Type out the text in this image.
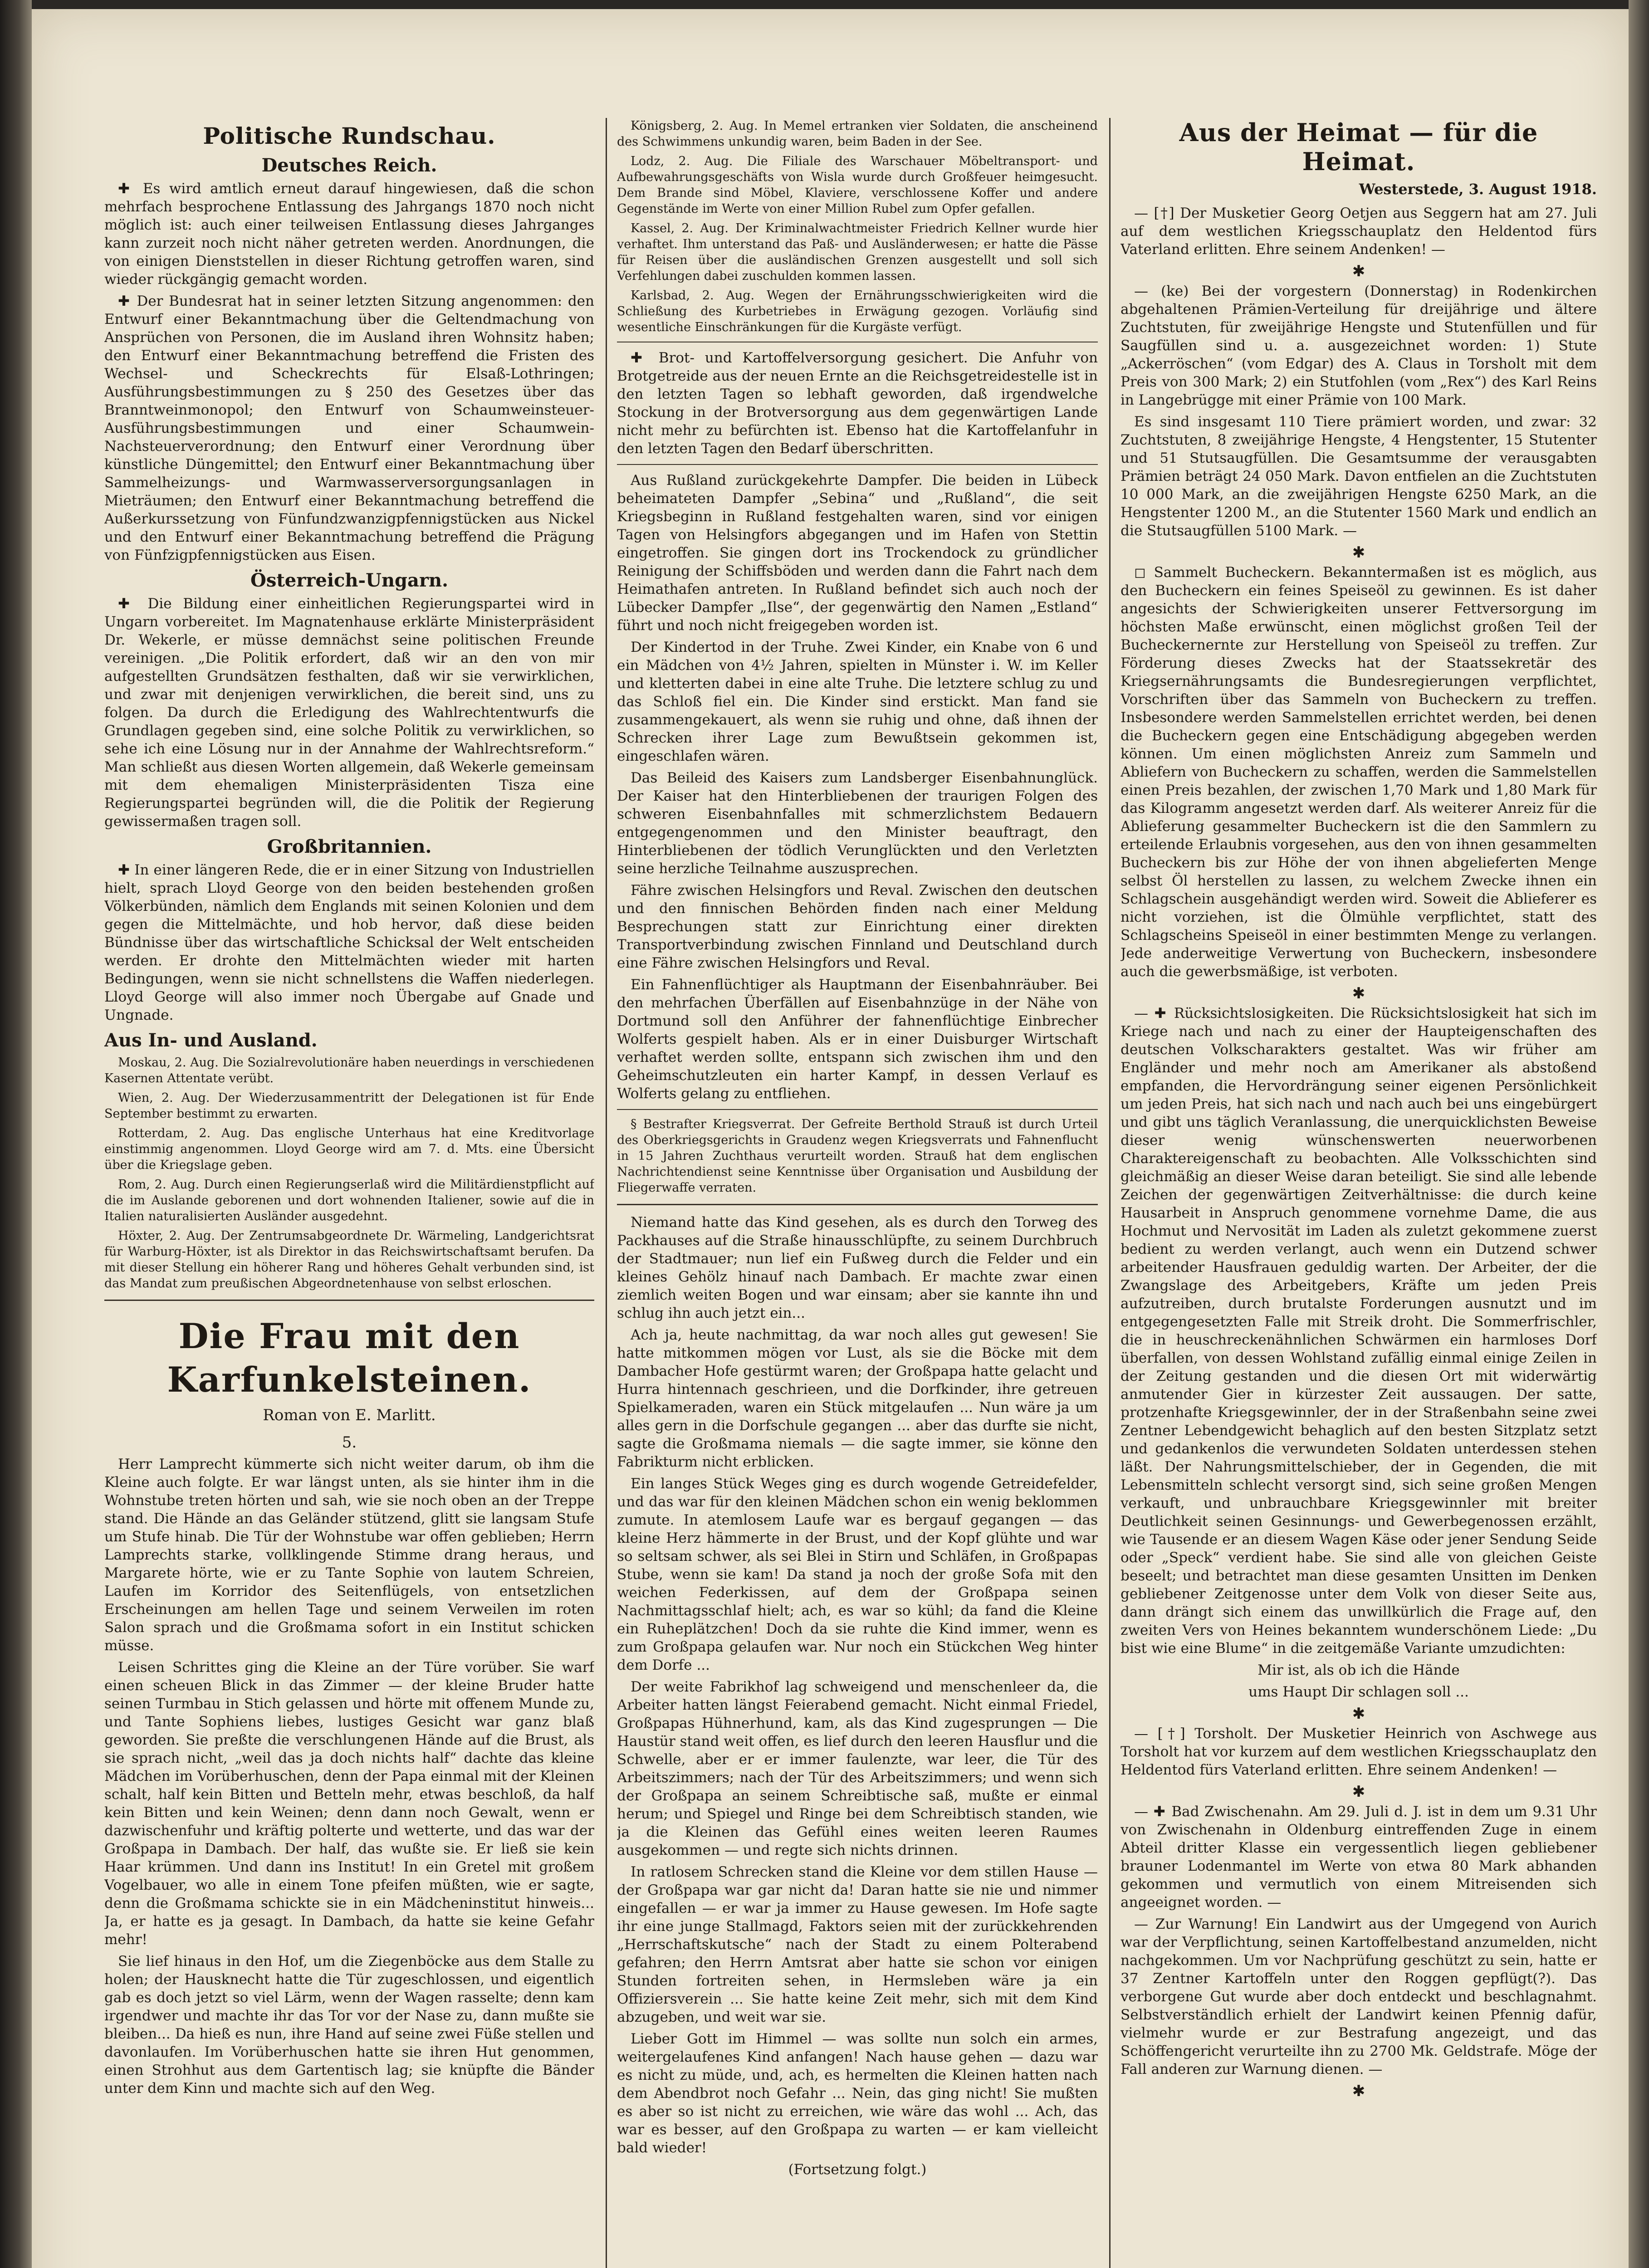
Politische Rundschau.
Deutsches Reich.

✚ Es wird amtlich erneut darauf hingewiesen, daß die schon mehrfach besprochene Entlassung des Jahrgangs 1870 noch nicht möglich ist: auch einer teilweisen Entlassung dieses Jahrganges kann zurzeit noch nicht näher getreten werden. Anordnungen, die von einigen Dienststellen in dieser Richtung getroffen waren, sind wieder rückgängig gemacht worden.

✚ Der Bundesrat hat in seiner letzten Sitzung angenommen: den Entwurf einer Bekanntmachung über die Geltendmachung von Ansprüchen von Personen, die im Ausland ihren Wohnsitz haben; den Entwurf einer Bekanntmachung betreffend die Fristen des Wechsel- und Scheckrechts für Elsaß-Lothringen; Ausführungsbestimmungen zu § 250 des Gesetzes über das Branntweinmonopol; den Entwurf von Schaumweinsteuer-Ausführungsbestimmungen und einer Schaumwein-Nachsteuerverordnung; den Entwurf einer Verordnung über künstliche Düngemittel; den Entwurf einer Bekanntmachung über Sammelheizungs- und Warmwasserversorgungsanlagen in Mieträumen; den Entwurf einer Bekanntmachung betreffend die Außerkurssetzung von Fünfundzwanzigpfennigstücken aus Nickel und den Entwurf einer Bekanntmachung betreffend die Prägung von Fünfzigpfennigstücken aus Eisen.

Österreich-Ungarn.

✚ Die Bildung einer einheitlichen Regierungspartei wird in Ungarn vorbereitet. Im Magnatenhause erklärte Ministerpräsident Dr. Wekerle, er müsse demnächst seine politischen Freunde vereinigen. „Die Politik erfordert, daß wir an den von mir aufgestellten Grundsätzen festhalten, daß wir sie verwirklichen, und zwar mit denjenigen verwirklichen, die bereit sind, uns zu folgen. Da durch die Erledigung des Wahlrechtentwurfs die Grundlagen gegeben sind, eine solche Politik zu verwirklichen, so sehe ich eine Lösung nur in der Annahme der Wahlrechtsreform.“ Man schließt aus diesen Worten allgemein, daß Wekerle gemeinsam mit dem ehemaligen Ministerpräsidenten Tisza eine Regierungspartei begründen will, die die Politik der Regierung gewissermaßen tragen soll.

Großbritannien.

✚ In einer längeren Rede, die er in einer Sitzung von Industriellen hielt, sprach Lloyd George von den beiden bestehenden großen Völkerbünden, nämlich dem Englands mit seinen Kolonien und dem gegen die Mittelmächte, und hob hervor, daß diese beiden Bündnisse über das wirtschaftliche Schicksal der Welt entscheiden werden. Er drohte den Mittelmächten wieder mit harten Bedingungen, wenn sie nicht schnellstens die Waffen niederlegen. Lloyd George will also immer noch Übergabe auf Gnade und Ungnade.

Aus In- und Ausland.

Moskau, 2. Aug. Die Sozialrevolutionäre haben neuerdings in verschiedenen Kasernen Attentate verübt.

Wien, 2. Aug. Der Wiederzusammentritt der Delegationen ist für Ende September bestimmt zu erwarten.

Rotterdam, 2. Aug. Das englische Unterhaus hat eine Kreditvorlage einstimmig angenommen. Lloyd George wird am 7. d. Mts. eine Übersicht über die Kriegslage geben.

Rom, 2. Aug. Durch einen Regierungserlaß wird die Militärdienstpflicht auf die im Auslande geborenen und dort wohnenden Italiener, sowie auf die in Italien naturalisierten Ausländer ausgedehnt.

Höxter, 2. Aug. Der Zentrumsabgeordnete Dr. Wärmeling, Landgerichtsrat für Warburg-Höxter, ist als Direktor in das Reichswirtschaftsamt berufen. Da mit dieser Stellung ein höherer Rang und höheres Gehalt verbunden sind, ist das Mandat zum preußischen Abgeordnetenhause von selbst erloschen.

Die Frau mit den Karfunkelsteinen.
Roman von E. Marlitt.
5.

Herr Lamprecht kümmerte sich nicht weiter darum, ob ihm die Kleine auch folgte. Er war längst unten, als sie hinter ihm in die Wohnstube treten hörten und sah, wie sie noch oben an der Treppe stand. Die Hände an das Geländer stützend, glitt sie langsam Stufe um Stufe hinab. Die Tür der Wohnstube war offen geblieben; Herrn Lamprechts starke, vollklingende Stimme drang heraus, und Margarete hörte, wie er zu Tante Sophie von lautem Schreien, Laufen im Korridor des Seitenflügels, von entsetzlichen Erscheinungen am hellen Tage und seinem Verweilen im roten Salon sprach und die Großmama sofort in ein Institut schicken müsse.

Leisen Schrittes ging die Kleine an der Türe vorüber. Sie warf einen scheuen Blick in das Zimmer — der kleine Bruder hatte seinen Turmbau in Stich gelassen und hörte mit offenem Munde zu, und Tante Sophiens liebes, lustiges Gesicht war ganz blaß geworden. Sie preßte die verschlungenen Hände auf die Brust, als sie sprach nicht, „weil das ja doch nichts half“ dachte das kleine Mädchen im Vorüberhuschen, denn der Papa einmal mit der Kleinen schalt, half kein Bitten und Betteln mehr, etwas beschloß, da half kein Bitten und kein Weinen; denn dann noch Gewalt, wenn er dazwischenfuhr und kräftig polterte und wetterte, und das war der Großpapa in Dambach. Der half, das wußte sie. Er ließ sie kein Haar krümmen. Und dann ins Institut! In ein Gretel mit großem Vogelbauer, wo alle in einem Tone pfeifen müßten, wie er sagte, denn die Großmama schickte sie in ein Mädcheninstitut hinweis... Ja, er hatte es ja gesagt. In Dambach, da hatte sie keine Gefahr mehr!

Sie lief hinaus in den Hof, um die Ziegenböcke aus dem Stalle zu holen; der Hausknecht hatte die Tür zugeschlossen, und eigentlich gab es doch jetzt so viel Lärm, wenn der Wagen rasselte; denn kam irgendwer und machte ihr das Tor vor der Nase zu, dann mußte sie bleiben... Da hieß es nun, ihre Hand auf seine zwei Füße stellen und davonlaufen. Im Vorüberhuschen hatte sie ihren Hut genommen, einen Strohhut aus dem Gartentisch lag; sie knüpfte die Bänder unter dem Kinn und machte sich auf den Weg.

Königsberg, 2. Aug. In Memel ertranken vier Soldaten, die anscheinend des Schwimmens unkundig waren, beim Baden in der See.

Lodz, 2. Aug. Die Filiale des Warschauer Möbeltransport- und Aufbewahrungsgeschäfts von Wisla wurde durch Großfeuer heimgesucht. Dem Brande sind Möbel, Klaviere, verschlossene Koffer und andere Gegenstände im Werte von einer Million Rubel zum Opfer gefallen.

Kassel, 2. Aug. Der Kriminalwachtmeister Friedrich Kellner wurde hier verhaftet. Ihm unterstand das Paß- und Ausländerwesen; er hatte die Pässe für Reisen über die ausländischen Grenzen ausgestellt und soll sich Verfehlungen dabei zuschulden kommen lassen.

Karlsbad, 2. Aug. Wegen der Ernährungsschwierigkeiten wird die Schließung des Kurbetriebes in Erwägung gezogen. Vorläufig sind wesentliche Einschränkungen für die Kurgäste verfügt.

✚ Brot- und Kartoffelversorgung gesichert. Die Anfuhr von Brotgetreide aus der neuen Ernte an die Reichsgetreidestelle ist in den letzten Tagen so lebhaft geworden, daß irgendwelche Stockung in der Brotversorgung aus dem gegenwärtigen Lande nicht mehr zu befürchten ist. Ebenso hat die Kartoffelanfuhr in den letzten Tagen den Bedarf überschritten.

Aus Rußland zurückgekehrte Dampfer. Die beiden in Lübeck beheimateten Dampfer „Sebina“ und „Rußland“, die seit Kriegsbeginn in Rußland festgehalten waren, sind vor einigen Tagen von Helsingfors abgegangen und im Hafen von Stettin eingetroffen. Sie gingen dort ins Trockendock zu gründlicher Reinigung der Schiffsböden und werden dann die Fahrt nach dem Heimathafen antreten. In Rußland befindet sich auch noch der Lübecker Dampfer „Ilse“, der gegenwärtig den Namen „Estland“ führt und noch nicht freigegeben worden ist.

Der Kindertod in der Truhe. Zwei Kinder, ein Knabe von 6 und ein Mädchen von 4½ Jahren, spielten in Münster i. W. im Keller und kletterten dabei in eine alte Truhe. Die letztere schlug zu und das Schloß fiel ein. Die Kinder sind erstickt. Man fand sie zusammengekauert, als wenn sie ruhig und ohne, daß ihnen der Schrecken ihrer Lage zum Bewußtsein gekommen ist, eingeschlafen wären.

Das Beileid des Kaisers zum Landsberger Eisenbahnunglück. Der Kaiser hat den Hinterbliebenen der traurigen Folgen des schweren Eisenbahnfalles mit schmerzlichstem Bedauern entgegengenommen und den Minister beauftragt, den Hinterbliebenen der tödlich Verunglückten und den Verletzten seine herzliche Teilnahme auszusprechen.

Fähre zwischen Helsingfors und Reval. Zwischen den deutschen und den finnischen Behörden finden nach einer Meldung Besprechungen statt zur Einrichtung einer direkten Transportverbindung zwischen Finnland und Deutschland durch eine Fähre zwischen Helsingfors und Reval.

Ein Fahnenflüchtiger als Hauptmann der Eisenbahnräuber. Bei den mehrfachen Überfällen auf Eisenbahnzüge in der Nähe von Dortmund soll den Anführer der fahnenflüchtige Einbrecher Wolferts gespielt haben. Als er in einer Duisburger Wirtschaft verhaftet werden sollte, entspann sich zwischen ihm und den Geheimschutzleuten ein harter Kampf, in dessen Verlauf es Wolferts gelang zu entfliehen.

§ Bestrafter Kriegsverrat. Der Gefreite Berthold Strauß ist durch Urteil des Oberkriegsgerichts in Graudenz wegen Kriegsverrats und Fahnenflucht in 15 Jahren Zuchthaus verurteilt worden. Strauß hat dem englischen Nachrichtendienst seine Kenntnisse über Organisation und Ausbildung der Fliegerwaffe verraten.

Niemand hatte das Kind gesehen, als es durch den Torweg des Packhauses auf die Straße hinausschlüpfte, zu seinem Durchbruch der Stadtmauer; nun lief ein Fußweg durch die Felder und ein kleines Gehölz hinauf nach Dambach. Er machte zwar einen ziemlich weiten Bogen und war einsam; aber sie kannte ihn und schlug ihn auch jetzt ein...

Ach ja, heute nachmittag, da war noch alles gut gewesen! Sie hatte mitkommen mögen vor Lust, als sie die Böcke mit dem Dambacher Hofe gestürmt waren; der Großpapa hatte gelacht und Hurra hintennach geschrieen, und die Dorfkinder, ihre getreuen Spielkameraden, waren ein Stück mitgelaufen ... Nun wäre ja um alles gern in die Dorfschule gegangen ... aber das durfte sie nicht, sagte die Großmama niemals — die sagte immer, sie könne den Fabrikturm nicht erblicken.

Ein langes Stück Weges ging es durch wogende Getreidefelder, und das war für den kleinen Mädchen schon ein wenig beklommen zumute. In atemlosem Laufe war es bergauf gegangen — das kleine Herz hämmerte in der Brust, und der Kopf glühte und war so seltsam schwer, als sei Blei in Stirn und Schläfen, in Großpapas Stube, wenn sie kam! Da stand ja noch der große Sofa mit den weichen Federkissen, auf dem der Großpapa seinen Nachmittagsschlaf hielt; ach, es war so kühl; da fand die Kleine ein Ruheplätzchen! Doch da sie ruhte die Kind immer, wenn es zum Großpapa gelaufen war. Nur noch ein Stückchen Weg hinter dem Dorfe ...

Der weite Fabrikhof lag schweigend und menschenleer da, die Arbeiter hatten längst Feierabend gemacht. Nicht einmal Friedel, Großpapas Hühnerhund, kam, als das Kind zugesprungen — Die Haustür stand weit offen, es lief durch den leeren Hausflur und die Schwelle, aber er er immer faulenzte, war leer, die Tür des Arbeitszimmers; nach der Tür des Arbeitszimmers; und wenn sich der Großpapa an seinem Schreibtische saß, mußte er einmal herum; und Spiegel und Ringe bei dem Schreibtisch standen, wie ja die Kleinen das Gefühl eines weiten leeren Raumes ausgekommen — und regte sich nichts drinnen.

In ratlosem Schrecken stand die Kleine vor dem stillen Hause — der Großpapa war gar nicht da! Daran hatte sie nie und nimmer eingefallen — er war ja immer zu Hause gewesen. Im Hofe sagte ihr eine junge Stallmagd, Faktors seien mit der zurückkehrenden „Herrschaftskutsche“ nach der Stadt zu einem Polterabend gefahren; den Herrn Amtsrat aber hatte sie schon vor einigen Stunden fortreiten sehen, in Hermsleben wäre ja ein Offiziersverein ... Sie hatte keine Zeit mehr, sich mit dem Kind abzugeben, und weit war sie.

Lieber Gott im Himmel — was sollte nun solch ein armes, weitergelaufenes Kind anfangen! Nach hause gehen — dazu war es nicht zu müde, und, ach, es hermelten die Kleinen hatten nach dem Abendbrot noch Gefahr ... Nein, das ging nicht! Sie mußten es aber so ist nicht zu erreichen, wie wäre das wohl ... Ach, das war es besser, auf den Großpapa zu warten — er kam vielleicht bald wieder!

(Fortsetzung folgt.)

Aus der Heimat — für die Heimat.
Westerstede, 3. August 1918.

— [†] Der Musketier Georg Oetjen aus Seggern hat am 27. Juli auf dem westlichen Kriegsschauplatz den Heldentod fürs Vaterland erlitten. Ehre seinem Andenken! —

✱

— (ke) Bei der vorgestern (Donnerstag) in Rodenkirchen abgehaltenen Prämien-Verteilung für dreijährige und ältere Zuchtstuten, für zweijährige Hengste und Stutenfüllen und für Saugfüllen sind u. a. ausgezeichnet worden: 1) Stute „Ackerröschen“ (vom Edgar) des A. Claus in Torsholt mit dem Preis von 300 Mark; 2) ein Stutfohlen (vom „Rex“) des Karl Reins in Langebrügge mit einer Prämie von 100 Mark.

Es sind insgesamt 110 Tiere prämiert worden, und zwar: 32 Zuchtstuten, 8 zweijährige Hengste, 4 Hengstenter, 15 Stutenter und 51 Stutsaugfüllen. Die Gesamtsumme der verausgabten Prämien beträgt 24 050 Mark. Davon entfielen an die Zuchtstuten 10 000 Mark, an die zweijährigen Hengste 6250 Mark, an die Hengstenter 1200 M., an die Stutenter 1560 Mark und endlich an die Stutsaugfüllen 5100 Mark. —

✱

◻ Sammelt Bucheckern. Bekanntermaßen ist es möglich, aus den Bucheckern ein feines Speiseöl zu gewinnen. Es ist daher angesichts der Schwierigkeiten unserer Fettversorgung im höchsten Maße erwünscht, einen möglichst großen Teil der Bucheckernernte zur Herstellung von Speiseöl zu treffen. Zur Förderung dieses Zwecks hat der Staatssekretär des Kriegsernährungsamts die Bundesregierungen verpflichtet, Vorschriften über das Sammeln von Bucheckern zu treffen. Insbesondere werden Sammelstellen errichtet werden, bei denen die Bucheckern gegen eine Entschädigung abgegeben werden können. Um einen möglichsten Anreiz zum Sammeln und Abliefern von Bucheckern zu schaffen, werden die Sammelstellen einen Preis bezahlen, der zwischen 1,70 Mark und 1,80 Mark für das Kilogramm angesetzt werden darf. Als weiterer Anreiz für die Ablieferung gesammelter Bucheckern ist die den Sammlern zu erteilende Erlaubnis vorgesehen, aus den von ihnen gesammelten Bucheckern bis zur Höhe der von ihnen abgelieferten Menge selbst Öl herstellen zu lassen, zu welchem Zwecke ihnen ein Schlagschein ausgehändigt werden wird. Soweit die Ablieferer es nicht vorziehen, ist die Ölmühle verpflichtet, statt des Schlagscheins Speiseöl in einer bestimmten Menge zu verlangen. Jede anderweitige Verwertung von Bucheckern, insbesondere auch die gewerbsmäßige, ist verboten.

✱

— ✚ Rücksichtslosigkeiten. Die Rücksichtslosigkeit hat sich im Kriege nach und nach zu einer der Haupteigenschaften des deutschen Volkscharakters gestaltet. Was wir früher am Engländer und mehr noch am Amerikaner als abstoßend empfanden, die Hervordrängung seiner eigenen Persönlichkeit um jeden Preis, hat sich nach und nach auch bei uns eingebürgert und gibt uns täglich Veranlassung, die unerquicklichsten Beweise dieser wenig wünschenswerten neuerworbenen Charaktereigenschaft zu beobachten. Alle Volksschichten sind gleichmäßig an dieser Weise daran beteiligt. Sie sind alle lebende Zeichen der gegenwärtigen Zeitverhältnisse: die durch keine Hausarbeit in Anspruch genommene vornehme Dame, die aus Hochmut und Nervosität im Laden als zuletzt gekommene zuerst bedient zu werden verlangt, auch wenn ein Dutzend schwer arbeitender Hausfrauen geduldig warten. Der Arbeiter, der die Zwangslage des Arbeitgebers, Kräfte um jeden Preis aufzutreiben, durch brutalste Forderungen ausnutzt und im entgegengesetzten Falle mit Streik droht. Die Sommerfrischler, die in heuschreckenähnlichen Schwärmen ein harmloses Dorf überfallen, von dessen Wohlstand zufällig einmal einige Zeilen in der Zeitung gestanden und die diesen Ort mit widerwärtig anmutender Gier in kürzester Zeit aussaugen. Der satte, protzenhafte Kriegsgewinnler, der in der Straßenbahn seine zwei Zentner Lebendgewicht behaglich auf den besten Sitzplatz setzt und gedankenlos die verwundeten Soldaten unterdessen stehen läßt. Der Nahrungsmittelschieber, der in Gegenden, die mit Lebensmitteln schlecht versorgt sind, sich seine großen Mengen verkauft, und unbrauchbare Kriegsgewinnler mit breiter Deutlichkeit seinen Gesinnungs- und Gewerbegenossen erzählt, wie Tausende er an diesem Wagen Käse oder jener Sendung Seide oder „Speck“ verdient habe. Sie sind alle von gleichen Geiste beseelt; und betrachtet man diese gesamten Unsitten im Denken gebliebener Zeitgenosse unter dem Volk von dieser Seite aus, dann drängt sich einem das unwillkürlich die Frage auf, den zweiten Vers von Heines bekanntem wunderschönem Liede: „Du bist wie eine Blume“ in die zeitgemäße Variante umzudichten:

Mir ist, als ob ich die Hände

ums Haupt Dir schlagen soll ...

✱

— [†] Torsholt. Der Musketier Heinrich von Aschwege aus Torsholt hat vor kurzem auf dem westlichen Kriegsschauplatz den Heldentod fürs Vaterland erlitten. Ehre seinem Andenken! —

✱

— ✚ Bad Zwischenahn. Am 29. Juli d. J. ist in dem um 9.31 Uhr von Zwischenahn in Oldenburg eintreffenden Zuge in einem Abteil dritter Klasse ein vergessentlich liegen gebliebener brauner Lodenmantel im Werte von etwa 80 Mark abhanden gekommen und vermutlich von einem Mitreisenden sich angeeignet worden. —

— Zur Warnung! Ein Landwirt aus der Umgegend von Aurich war der Verpflichtung, seinen Kartoffelbestand anzumelden, nicht nachgekommen. Um vor Nachprüfung geschützt zu sein, hatte er 37 Zentner Kartoffeln unter den Roggen gepflügt(?). Das verborgene Gut wurde aber doch entdeckt und beschlagnahmt. Selbstverständlich erhielt der Landwirt keinen Pfennig dafür, vielmehr wurde er zur Bestrafung angezeigt, und das Schöffengericht verurteilte ihn zu 2700 Mk. Geldstrafe. Möge der Fall anderen zur Warnung dienen. —

✱
